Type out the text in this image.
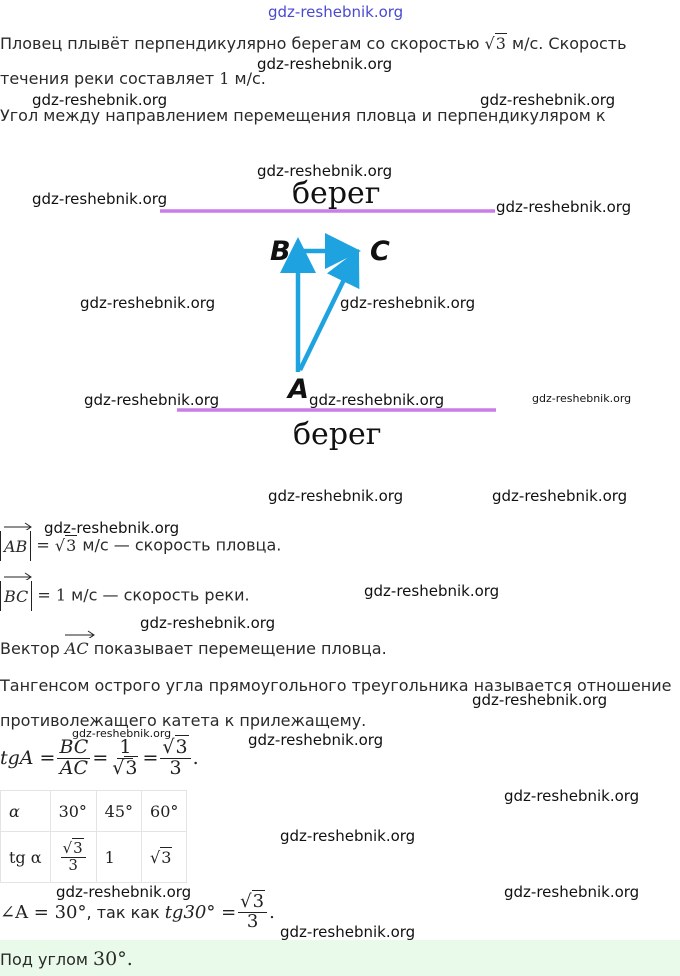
gdz-reshebnik.org
Пловец плывёт перпендикулярно берегам со скоростью √3 м/с. Скорость
течения реки составляет 1 м/с.
Угол между направлением перемещения пловца и перпендикуляром к
gdz-reshebnik.org
gdz-reshebnik.org	gdz-reshebnik.org
берег
берег
B	C
A
gdz-reshebnik.org
gdz-reshebnik.org	gdz-reshebnik.org
gdz-reshebnik.org	gdz-reshebnik.org
gdz-reshebnik.org	gdz-reshebnik.org	gdz-reshebnik.org
gdz-reshebnik.org	gdz-reshebnik.org
AB = √3 м/с — скорость пловца.
BC = 1 м/с — скорость реки.
gdz-reshebnik.org
gdz-reshebnik.org
gdz-reshebnik.org
Вектор AC показывает перемещение пловца.
Тангенсом острого угла прямоугольного треугольника называется отношение
противолежащего катета к прилежащему.
gdz-reshebnik.org
tgA = $\frac{BC}{AC} = \frac{1}{√3} = \frac{√3}{3}$ .
gdz-reshebnik.org	gdz-reshebnik.org
α	30°	45°	60°
tg α	$\frac{√3}{3}$	1	√3
gdz-reshebnik.org
gdz-reshebnik.org
gdz-reshebnik.org	gdz-reshebnik.org
∠A = 30° , так как $tg30^\circ = \frac{√3}{3}$ .
Под углом 30°.
gdz-reshebnik.org
